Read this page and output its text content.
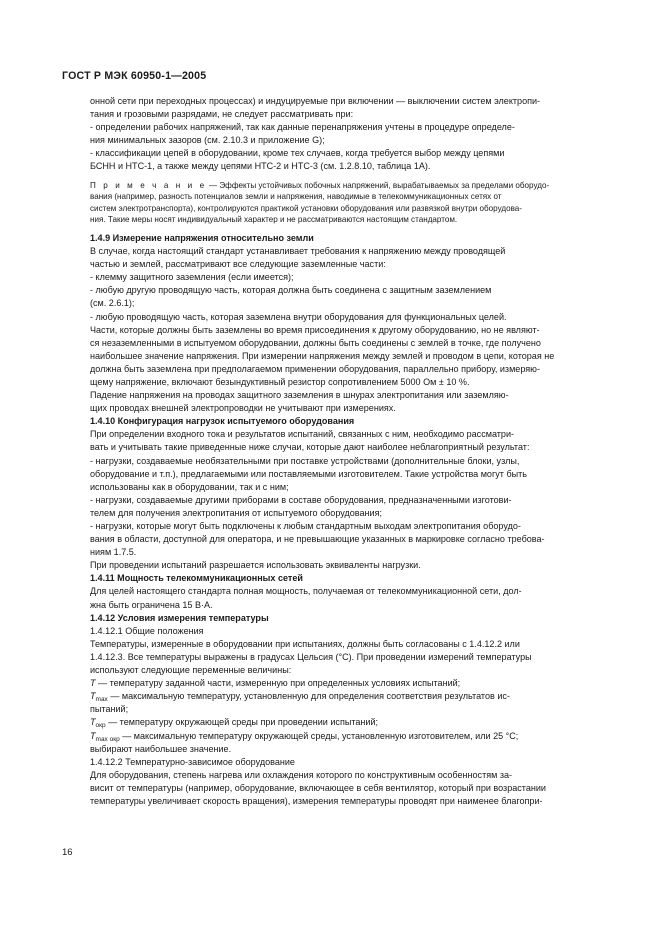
ГОСТ Р МЭК 60950-1—2005

онной сети при переходных процессах) и индуцируемые при включении — выключении систем электропи-

тания и грозовыми разрядами, не следует рассматривать при:

- определении рабочих напряжений, так как данные перенапряжения учтены в процедуре определе-

ния минимальных зазоров (см. 2.10.3 и приложение G);

- классификации цепей в оборудовании, кроме тех случаев, когда требуется выбор между цепями

БСНН и НТС-1, а также между цепями НТС-2 и НТС-3 (см. 1.2.8.10, таблица 1А).

П р и м е ч а н и е — Эффекты устойчивых побочных напряжений, вырабатываемых за пределами оборудо-
вания (например, разность потенциалов земли и напряжения, наводимые в телекоммуникационных сетях от
систем электротранспорта), контролируются практикой установки оборудования или развязкой внутри оборудова-
ния. Такие меры носят индивидуальный характер и не рассматриваются настоящим стандартом.

1.4.9 Измерение напряжения относительно земли

В случае, когда настоящий стандарт устанавливает требования к напряжению между проводящей

частью и землей, рассматривают все следующие заземленные части:

- клемму защитного заземления (если имеется);

- любую другую проводящую часть, которая должна быть соединена с защитным заземлением

(см. 2.6.1);

- любую проводящую часть, которая заземлена внутри оборудования для функциональных целей.

Части, которые должны быть заземлены во время присоединения к другому оборудованию, но не являют-

ся незаземленными в испытуемом оборудовании, должны быть соединены с землей в точке, где получено

наибольшее значение напряжения. При измерении напряжения между землей и проводом в цепи, которая не

должна быть заземлена при предполагаемом применении оборудования, параллельно прибору, измеряю-

щему напряжение, включают безындуктивный резистор сопротивлением 5000 Ом ± 10 %.

Падение напряжения на проводах защитного заземления в шнурах электропитания или заземляю-

щих проводах внешней электропроводки не учитывают при измерениях.

1.4.10 Конфигурация нагрузок испытуемого оборудования

При определении входного тока и результатов испытаний, связанных с ним, необходимо рассматри-

вать и учитывать такие приведенные ниже случаи, которые дают наиболее неблагоприятный результат:

- нагрузки, создаваемые необязательными при поставке устройствами (дополнительные блоки, узлы,

оборудование и т.п.), предлагаемыми или поставляемыми изготовителем. Такие устройства могут быть

использованы как в оборудовании, так и с ним;

- нагрузки, создаваемые другими приборами в составе оборудования, предназначенными изготови-

телем для получения электропитания от испытуемого оборудования;

- нагрузки, которые могут быть подключены к любым стандартным выходам электропитания оборудо-

вания в области, доступной для оператора, и не превышающие указанных в маркировке согласно требова-

ниям 1.7.5.

При проведении испытаний разрешается использовать эквиваленты нагрузки.

1.4.11 Мощность телекоммуникационных сетей

Для целей настоящего стандарта полная мощность, получаемая от телекоммуникационной сети, дол-

жна быть ограничена 15 В·А.

1.4.12 Условия измерения температуры

1.4.12.1 Общие положения

Температуры, измеренные в оборудовании при испытаниях, должны быть согласованы с 1.4.12.2 или

1.4.12.3. Все температуры выражены в градусах Цельсия (°С). При проведении измерений температуры

используют следующие переменные величины:

T — температуру заданной части, измеренную при определенных условиях испытаний;

$T_{max}$ — максимальную температуру, установленную для определения соответствия результатов ис-

пытаний;

$T_{окр}$ — температуру окружающей среды при проведении испытаний;

$T_{max окр}$ — максимальную температуру окружающей среды, установленную изготовителем, или 25 °С;

выбирают наибольшее значение.

1.4.12.2 Температурно-зависимое оборудование

Для оборудования, степень нагрева или охлаждения которого по конструктивным особенностям за-

висит от температуры (например, оборудование, включающее в себя вентилятор, который при возрастании

температуры увеличивает скорость вращения), измерения температуры проводят при наименее благопри-

16
